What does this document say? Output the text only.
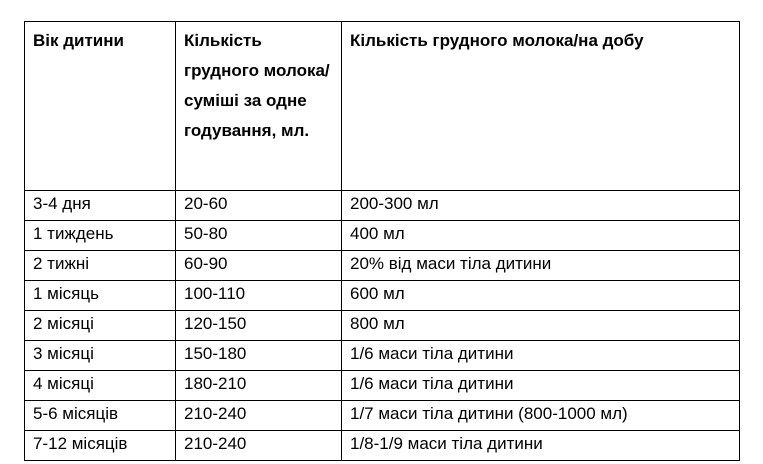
Вік дитини	Кількість грудного молока/суміші за одне годування, мл.	Кількість грудного молока/на добу

3-4 дня	20-60	200-300 мл
1 тиждень	50-80	400 мл
2 тижні	60-90	20% від маси тіла дитини
1 місяць	100-110	600 мл
2 місяці	120-150	800 мл
3 місяці	150-180	1/6 маси тіла дитини
4 місяці	180-210	1/6 маси тіла дитини
5-6 місяців	210-240	1/7 маси тіла дитини (800-1000 мл)
7-12 місяців	210-240	1/8-1/9 маси тіла дитини
